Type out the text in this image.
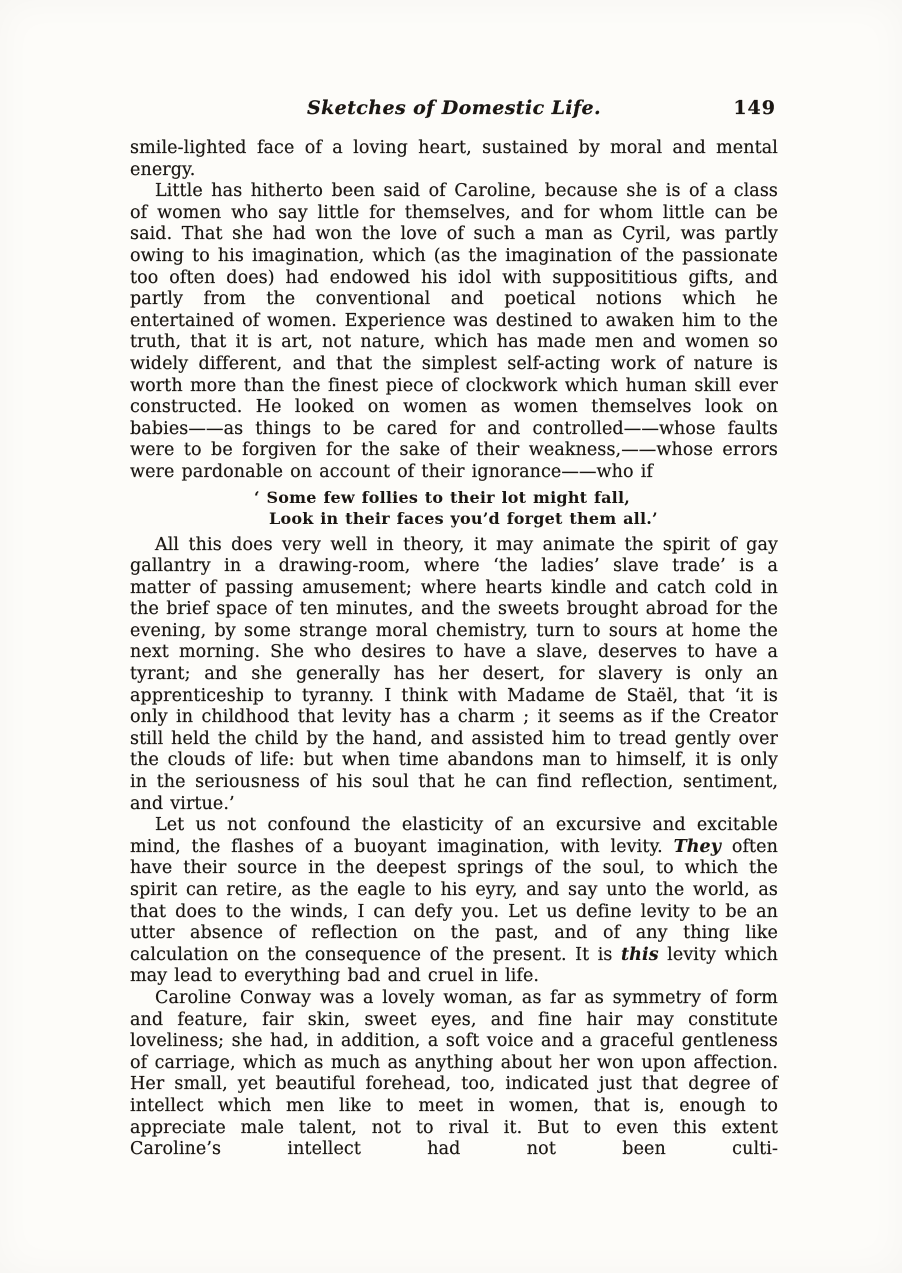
Sketches of Domestic Life.	149

smile-lighted face of a loving heart, sustained by moral and mental energy.

Little has hitherto been said of Caroline, because she is of a class of women who say little for themselves, and for whom little can be said. That she had won the love of such a man as Cyril, was partly owing to his imagination, which (as the imagination of the passionate too often does) had endowed his idol with supposititious gifts, and partly from the conventional and poetical notions which he entertained of women. Experience was destined to awaken him to the truth, that it is art, not nature, which has made men and women so widely different, and that the simplest self-acting work of nature is worth more than the finest piece of clockwork which human skill ever constructed. He looked on women as women themselves look on babies——as things to be cared for and controlled——whose faults were to be forgiven for the sake of their weakness,——whose errors were pardonable on account of their ignorance——who if

‘ Some few follies to their lot might fall,
Look in their faces you’d forget them all.’

All this does very well in theory, it may animate the spirit of gay gallantry in a drawing-room, where ‘the ladies’ slave trade’ is a matter of passing amusement; where hearts kindle and catch cold in the brief space of ten minutes, and the sweets brought abroad for the evening, by some strange moral chemistry, turn to sours at home the next morning. She who desires to have a slave, deserves to have a tyrant; and she generally has her desert, for slavery is only an apprenticeship to tyranny. I think with Madame de Staël, that ‘it is only in childhood that levity has a charm ; it seems as if the Creator still held the child by the hand, and assisted him to tread gently over the clouds of life: but when time abandons man to himself, it is only in the seriousness of his soul that he can find reflection, sentiment, and virtue.’

Let us not confound the elasticity of an excursive and excitable mind, the flashes of a buoyant imagination, with levity. They often have their source in the deepest springs of the soul, to which the spirit can retire, as the eagle to his eyry, and say unto the world, as that does to the winds, I can defy you. Let us define levity to be an utter absence of reflection on the past, and of any thing like calculation on the consequence of the present. It is this levity which may lead to everything bad and cruel in life.

Caroline Conway was a lovely woman, as far as symmetry of form and feature, fair skin, sweet eyes, and fine hair may constitute loveliness; she had, in addition, a soft voice and a graceful gentleness of carriage, which as much as anything about her won upon affection. Her small, yet beautiful forehead, too, indicated just that degree of intellect which men like to meet in women, that is, enough to appreciate male talent, not to rival it. But to even this extent Caroline’s intellect had not been culti-
